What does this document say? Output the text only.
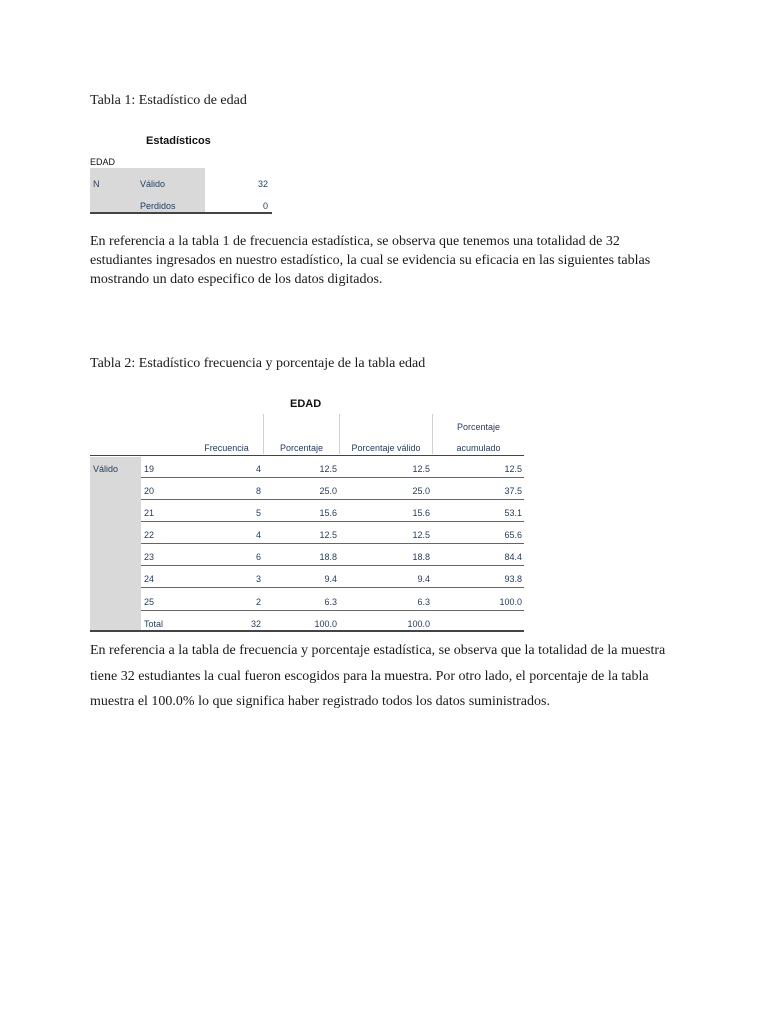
Tabla 1: Estadístico de edad
Estadísticos
EDAD
N	Válido	32
Perdidos	0
En referencia a la tabla 1 de frecuencia estadística, se observa que tenemos una totalidad de 32 estudiantes ingresados en nuestro estadístico, la cual se evidencia su eficacia en las siguientes tablas mostrando un dato especifico de los datos digitados.
Tabla 2: Estadístico frecuencia y porcentaje de la tabla edad
EDAD
Frecuencia	Porcentaje	Porcentaje válido
Porcentaje
acumulado
Válido	19	4	12.5	12.5	12.5
20	8	25.0	25.0	37.5
21	5	15.6	15.6	53.1
22	4	12.5	12.5	65.6
23	6	18.8	18.8	84.4
24	3	9.4	9.4	93.8
25	2	6.3	6.3	100.0
Total	32	100.0	100.0
En referencia a la tabla de frecuencia y porcentaje estadística, se observa que la totalidad de la muestra tiene 32 estudiantes la cual fueron escogidos para la muestra. Por otro lado, el porcentaje de la tabla muestra el 100.0% lo que significa haber registrado todos los datos suministrados.
